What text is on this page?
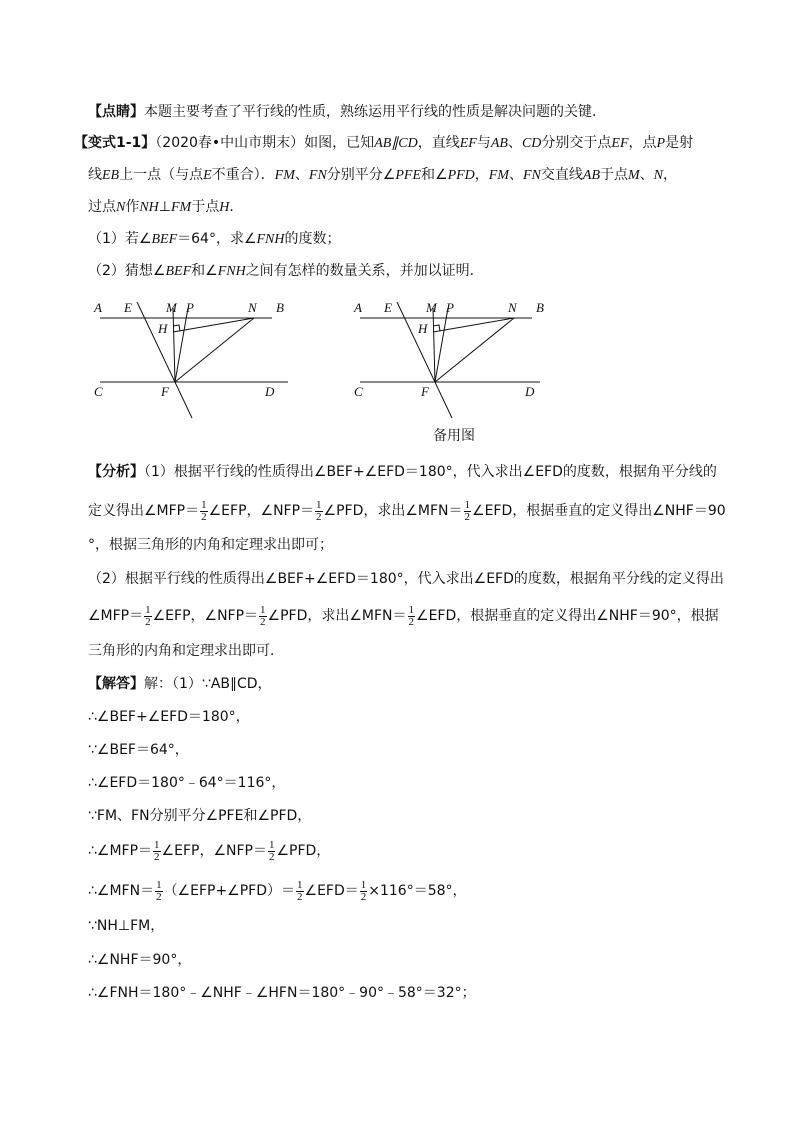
【点睛】本题主要考查了平行线的性质，熟练运用平行线的性质是解决问题的关键．
【变式1-1】（2020春•中山市期末）如图，已知AB∥CD，直线EF与AB、CD分别交于点EF，点P是射
线EB上一点（与点E不重合）．FM、FN分别平分∠PFE和∠PFD，FM、FN交直线AB于点M、N，
过点N作NH⊥FM于点H．
（1）若∠BEF＝64°，求∠FNH的度数；
（2）猜想∠BEF和∠FNH之间有怎样的数量关系，并加以证明．
A E	M P	N B
H
C	F	D
A E	M P	N B
H
C	F	D
备用图
【分析】（1）根据平行线的性质得出∠BEF+∠EFD＝180°，代入求出∠EFD的度数，根据角平分线的
定义得出∠MFP＝ $\frac{1}{2}$ ∠EFP，∠NFP＝ $\frac{1}{2}$ ∠PFD，求出∠MFN＝ $\frac{1}{2}$ ∠EFD，根据垂直的定义得出∠NHF＝90
°，根据三角形的内角和定理求出即可；
（2）根据平行线的性质得出∠BEF+∠EFD＝180°，代入求出∠EFD的度数，根据角平分线的定义得出
∠MFP＝ $\frac{1}{2}$ ∠EFP，∠NFP＝ $\frac{1}{2}$ ∠PFD，求出∠MFN＝ $\frac{1}{2}$ ∠EFD，根据垂直的定义得出∠NHF＝90°，根据
三角形的内角和定理求出即可．
【解答】解：（1）∵AB∥CD，
∴∠BEF+∠EFD＝180°，
∵∠BEF＝64°，
∴∠EFD＝180°﹣64°＝116°，
∵FM、FN分别平分∠PFE和∠PFD，
∴∠MFP＝ $\frac{1}{2}$ ∠EFP，∠NFP＝ $\frac{1}{2}$ ∠PFD，
∴∠MFN＝ $\frac{1}{2}$ （∠EFP+∠PFD）＝ $\frac{1}{2}$ ∠EFD＝ $\frac{1}{2} \times 116^\circ=58^\circ$，
∵NH⊥FM，
∴∠NHF＝90°，
∴∠FNH＝180°﹣∠NHF﹣∠HFN＝180°﹣90°﹣58°＝32°；
